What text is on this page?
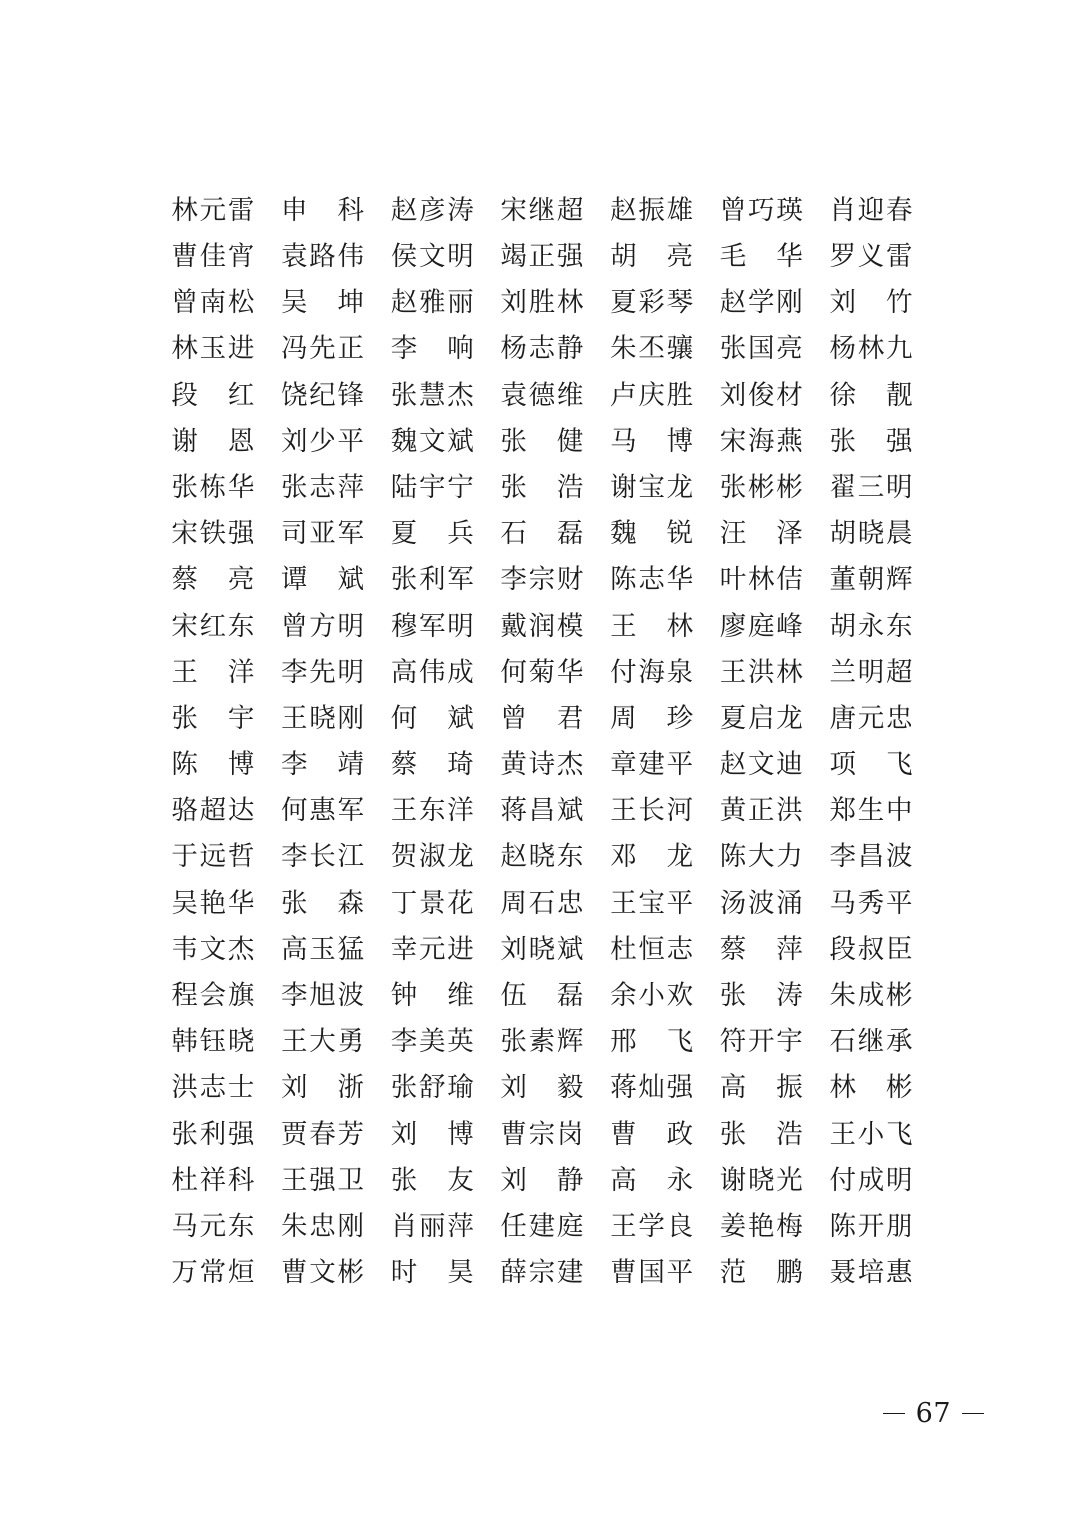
林 元 雷 申 科 赵 彦 涛 宋 继 超 赵 振 雄 曾 巧 瑛 肖 迎 春
曹 佳 宵 袁 路 伟 侯 文 明 竭 正 强 胡 亮 毛 华 罗 义 雷
曾 南 松 吴 坤 赵 雅 丽 刘 胜 林 夏 彩 琴 赵 学 刚 刘 竹
林 玉 进 冯 先 正 李 响 杨 志 静 朱 丕 骧 张 国 亮 杨 林 九
段 红 饶 纪 锋 张 慧 杰 袁 德 维 卢 庆 胜 刘 俊 材 徐 靓
谢 恩 刘 少 平 魏 文 斌 张 健 马 博 宋 海 燕 张 强
张 栋 华 张 志 萍 陆 宇 宁 张 浩 谢 宝 龙 张 彬 彬 翟 三 明
宋 铁 强 司 亚 军 夏 兵 石 磊 魏 锐 汪 泽 胡 晓 晨
蔡 亮 谭 斌 张 利 军 李 宗 财 陈 志 华 叶 林 佶 董 朝 辉
宋 红 东 曾 方 明 穆 军 明 戴 润 模 王 林 廖 庭 峰 胡 永 东
王 洋 李 先 明 高 伟 成 何 菊 华 付 海 泉 王 洪 林 兰 明 超
张 宇 王 晓 刚 何 斌 曾 君 周 珍 夏 启 龙 唐 元 忠
陈 博 李 靖 蔡 琦 黄 诗 杰 章 建 平 赵 文 迪 项 飞
骆 超 达 何 惠 军 王 东 洋 蒋 昌 斌 王 长 河 黄 正 洪 郑 生 中
于 远 哲 李 长 江 贺 淑 龙 赵 晓 东 邓 龙 陈 大 力 李 昌 波
吴 艳 华 张 森 丁 景 花 周 石 忠 王 宝 平 汤 波 涌 马 秀 平
韦 文 杰 高 玉 猛 幸 元 进 刘 晓 斌 杜 恒 志 蔡 萍 段 叔 臣
程 会 旗 李 旭 波 钟 维 伍 磊 余 小 欢 张 涛 朱 成 彬
韩 钰 晓 王 大 勇 李 美 英 张 素 辉 邢 飞 符 开 宇 石 继 承
洪 志 士 刘 浙 张 舒 瑜 刘 毅 蒋 灿 强 高 振 林 彬
张 利 强 贾 春 芳 刘 博 曹 宗 岗 曹 政 张 浩 王 小 飞
杜 祥 科 王 强 卫 张 友 刘 静 高 永 谢 晓 光 付 成 明
马 元 东 朱 忠 刚 肖 丽 萍 任 建 庭 王 学 良 姜 艳 梅 陈 开 朋
万 常 烜 曹 文 彬 时 昊 薛 宗 建 曹 国 平 范 鹏 聂 培 惠
67
